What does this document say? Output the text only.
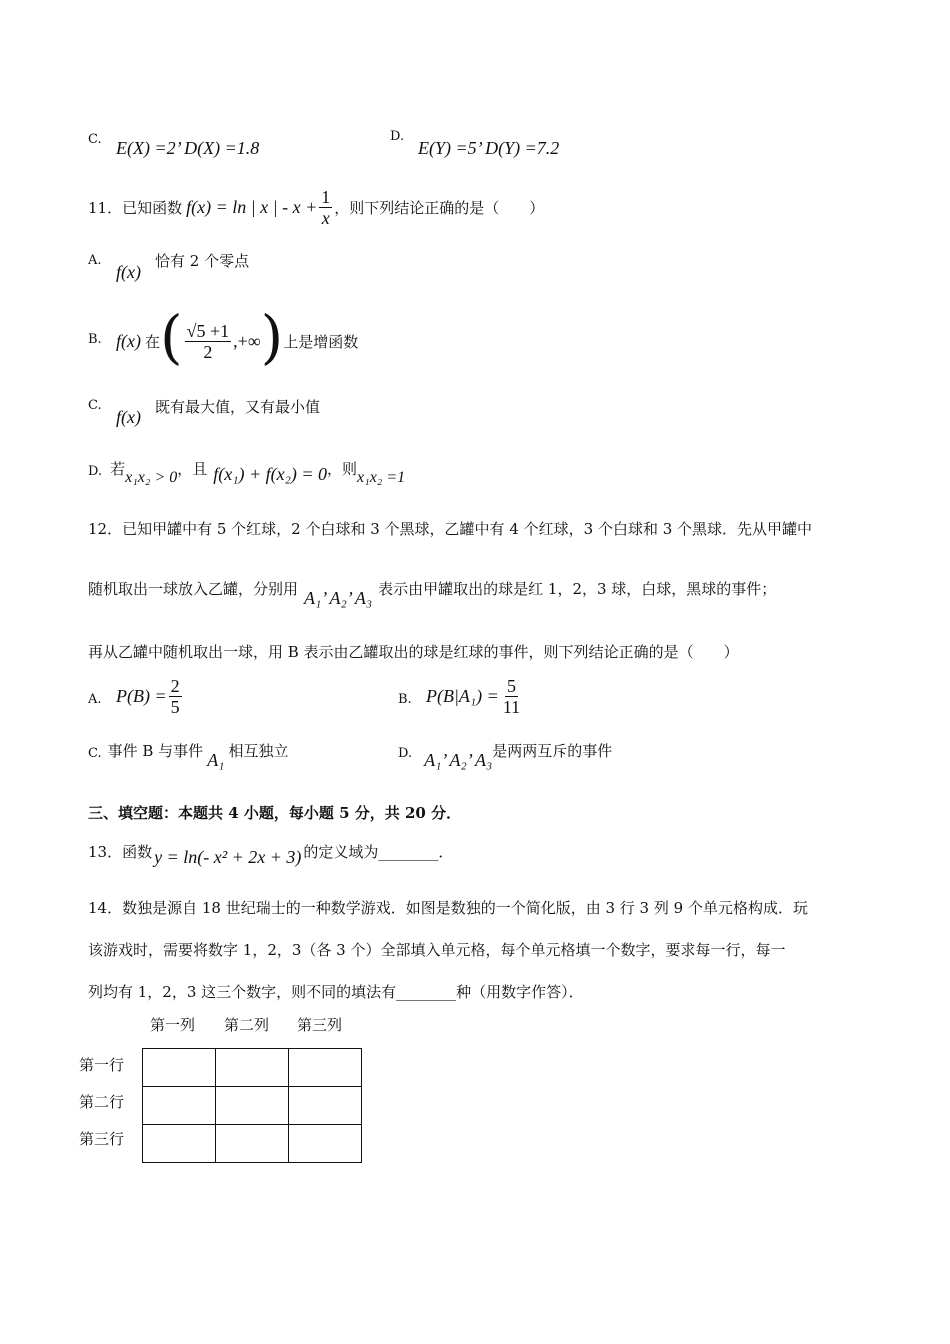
C. E(X) =2’ D(X) =1.8
D.
E(Y) =5’ D(Y) =7.2
11．已知函数 f(x) = ln | x | - $x + \frac{1}{x}$ ，则下列结论正确的是（　　）
A.
f(x)
恰有 2 个零点
B. f(x) 在 ( $\frac{√5 +1}{2}$ ,+∞ ) 上是增函数
C.
f(x) 既有最大值，又有最小值
D. 若 x₁x₂ > 0 ，且 f(x₁) + f(x₂) = 0 ，则 x₁x₂ =1
12．已知甲罐中有 5 个红球，2 个白球和 3 个黑球，乙罐中有 4 个红球，3 个白球和 3 个黑球．先从甲罐中
随机取出一球放入乙罐，分别用 A₁’ A₂’ A₃ 表示由甲罐取出的球是红 1，2，3 球，白球，黑球的事件；
再从乙罐中随机取出一球，用 B 表示由乙罐取出的球是红球的事件，则下列结论正确的是（　　）
A. $P(B) = \frac{2}{5}$	B. $P(B|A_1) = \frac{5}{11}$
C. 事件 B 与事件 A₁ 相互独立	D. A₁’ A₂’ A₃ 是两两互斥的事件
三、填空题：本题共 4 小题，每小题 5 分，共 20 分．
13．函数 y = ln(- x² + 2x + 3) 的定义域为________．
14．数独是源自 18 世纪瑞士的一种数学游戏．如图是数独的一个简化版，由 3 行 3 列 9 个单元格构成．玩
该游戏时，需要将数字 1，2，3（各 3 个）全部填入单元格，每个单元格填一个数字，要求每一行，每一
列均有 1，2，3 这三个数字，则不同的填法有________种（用数字作答）．
第一列 第二列 第三列
第一行
第二行
第三行
